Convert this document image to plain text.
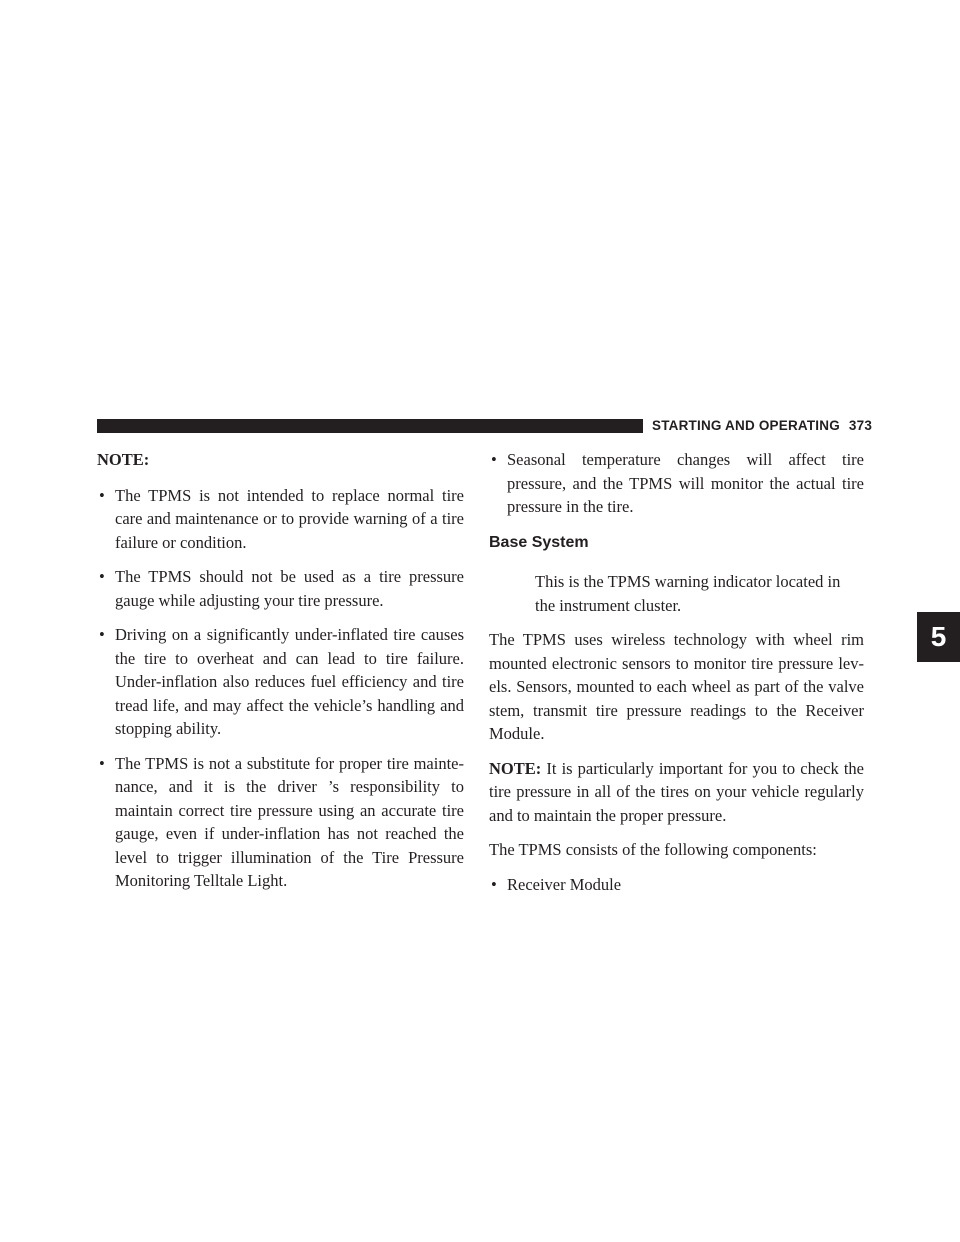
STARTING AND OPERATING 373

NOTE:

• The TPMS is not intended to replace normal tire care and maintenance or to provide warning of a tire failure or condition.
• The TPMS should not be used as a tire pressure gauge while adjusting your tire pressure.
• Driving on a significantly under-inflated tire causes the tire to overheat and can lead to tire failure. Under-inflation also reduces fuel efficiency and tire tread life, and may affect the vehicle’s handling and stopping ability.
• The TPMS is not a substitute for proper tire mainte-nance, and it is the driver ’s responsibility to maintain correct tire pressure using an accurate tire gauge, even if under-inflation has not reached the level to trigger illumination of the Tire Pressure Monitoring Telltale Light.
• Seasonal temperature changes will affect tire pressure, and the TPMS will monitor the actual tire pressure in the tire.
Base System

This is the TPMS warning indicator located in the instrument cluster.

The TPMS uses wireless technology with wheel rim mounted electronic sensors to monitor tire pressure lev-els. Sensors, mounted to each wheel as part of the valve stem, transmit tire pressure readings to the Receiver Module.

NOTE: It is particularly important for you to check the tire pressure in all of the tires on your vehicle regularly and to maintain the proper pressure.

The TPMS consists of the following components:

• Receiver Module
5
